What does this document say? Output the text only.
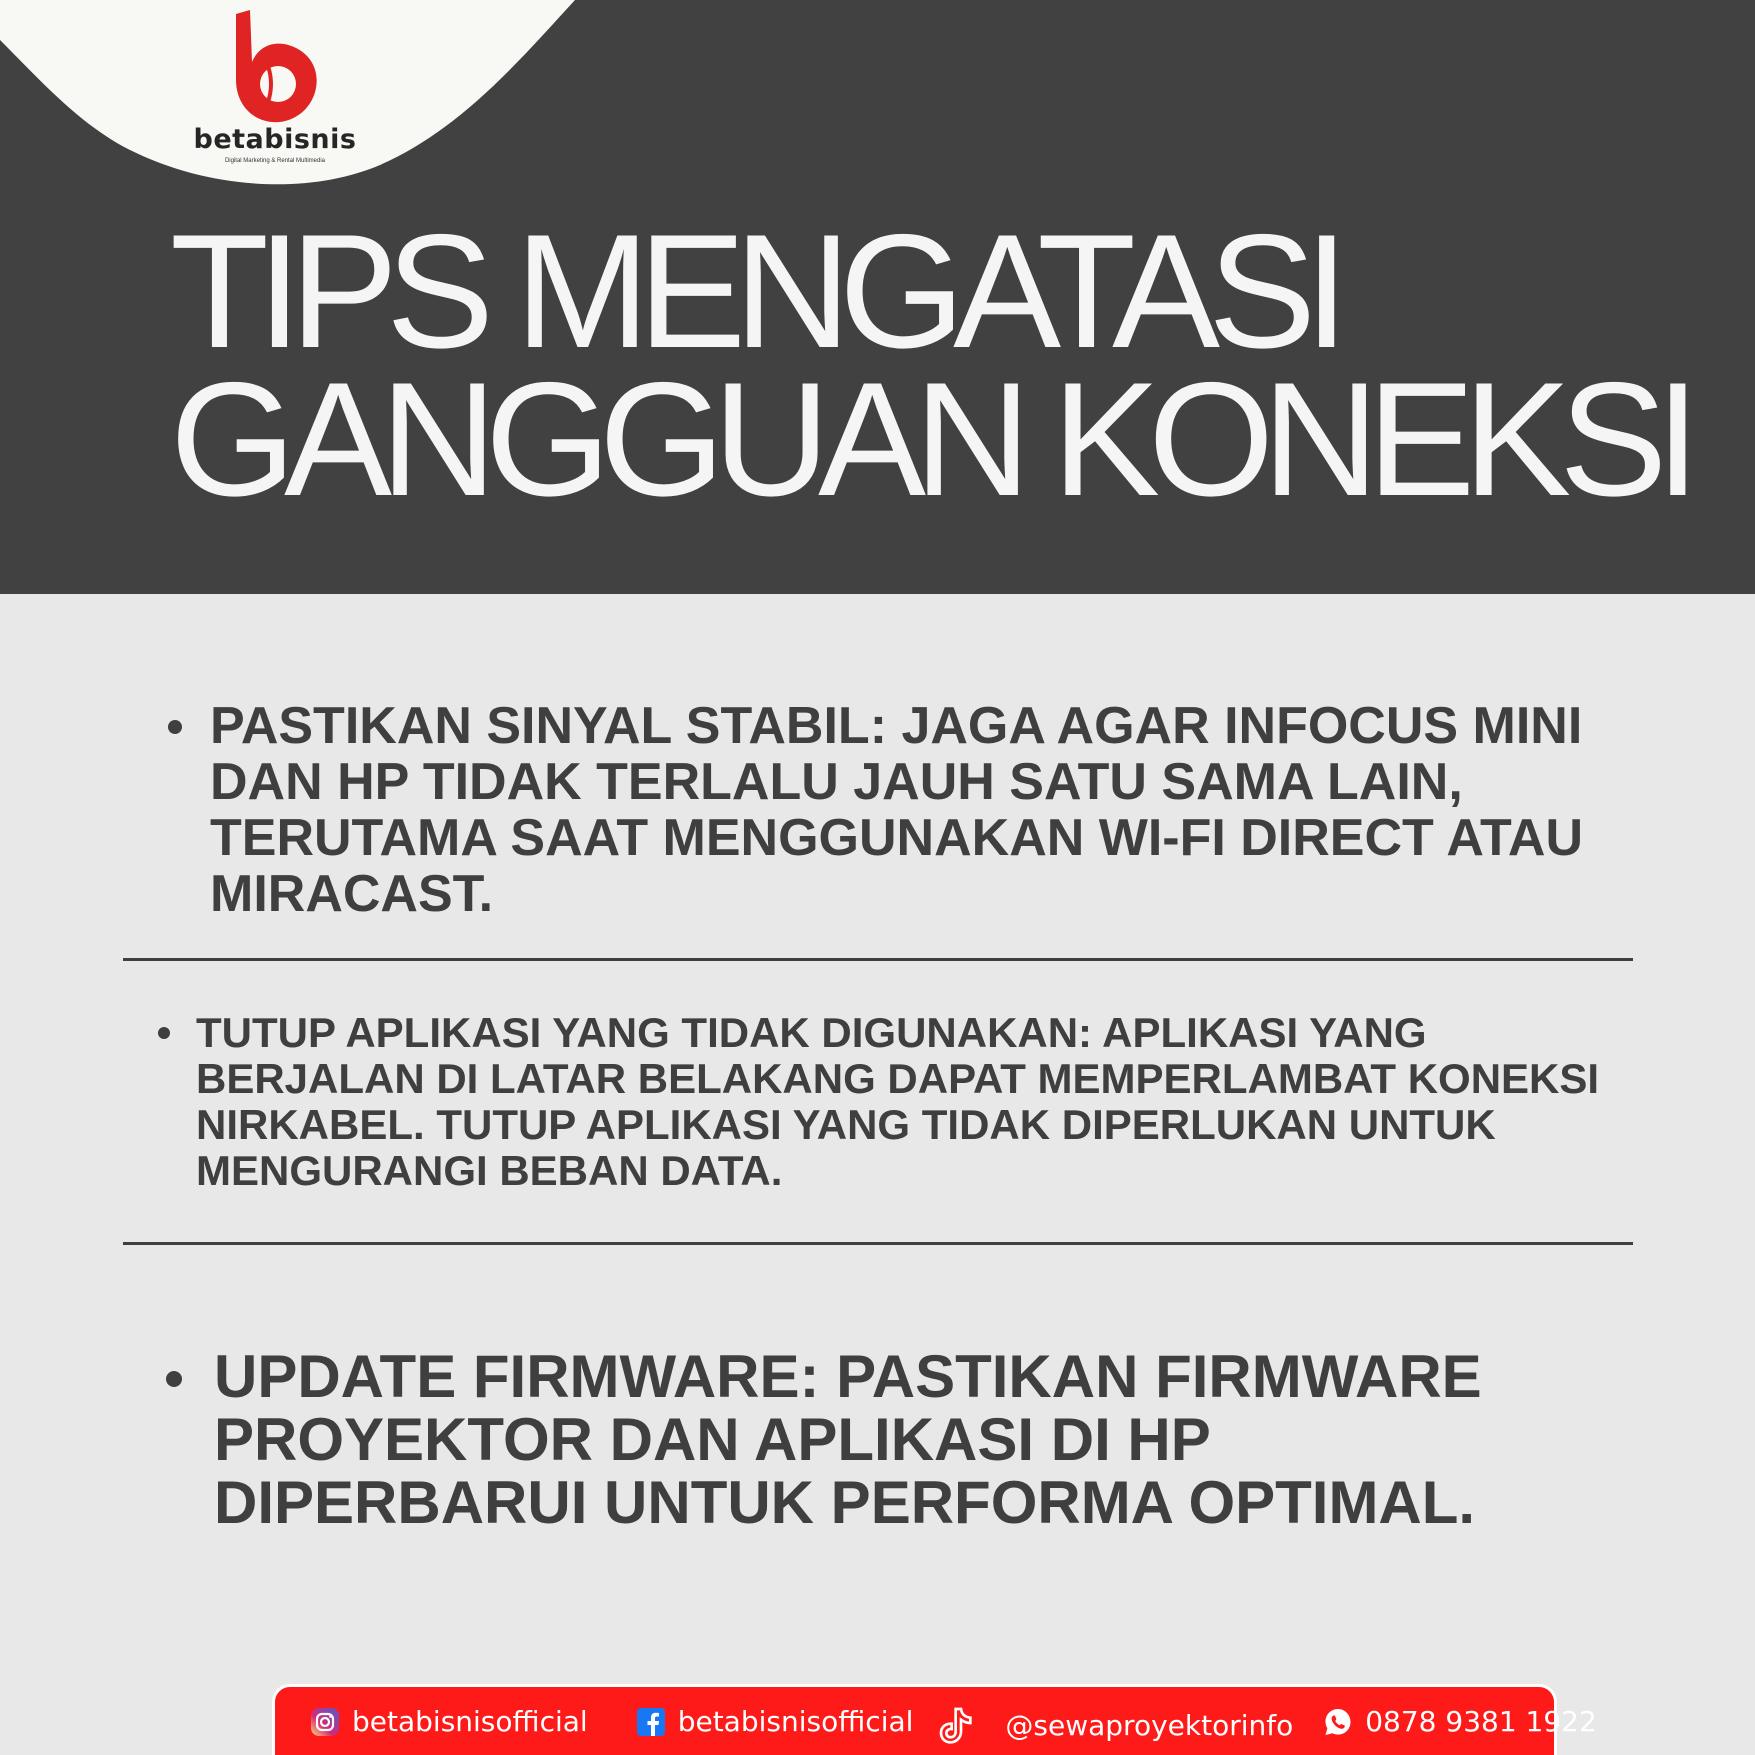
betabisnis
Digital Marketing & Rental Multimedia
TIPS MENGATASI
GANGGUAN KONEKSI
PASTIKAN SINYAL STABIL: JAGA AGAR INFOCUS MINI DAN HP TIDAK TERLALU JAUH SATU SAMA LAIN, TERUTAMA SAAT MENGGUNAKAN WI-FI DIRECT ATAU MIRACAST.
TUTUP APLIKASI YANG TIDAK DIGUNAKAN: APLIKASI YANG BERJALAN DI LATAR BELAKANG DAPAT MEMPERLAMBAT KONEKSI NIRKABEL. TUTUP APLIKASI YANG TIDAK DIPERLUKAN UNTUK MENGURANGI BEBAN DATA.
UPDATE FIRMWARE: PASTIKAN FIRMWARE PROYEKTOR DAN APLIKASI DI HP DIPERBARUI UNTUK PERFORMA OPTIMAL.
betabisnisofficial	betabisnisofficial	@sewaproyektorinfo	0878 9381 1922
